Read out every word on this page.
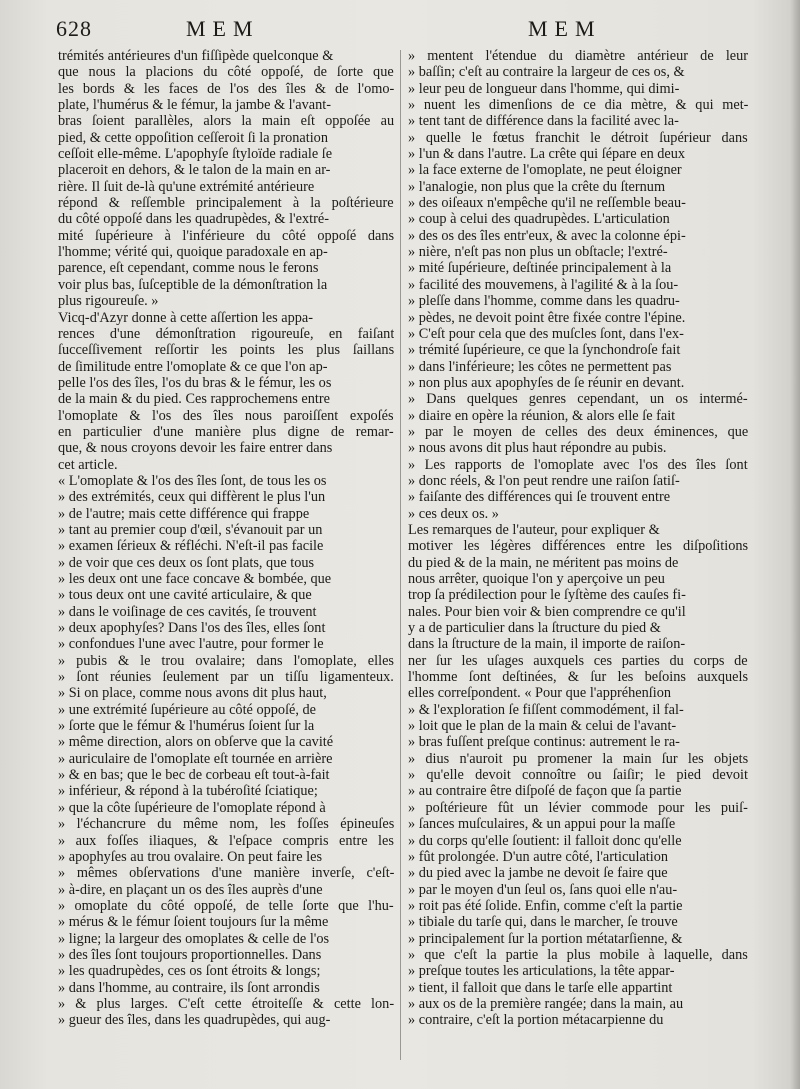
628	MEM	MEM
trémités antérieures d'un fiſſipède quelconque &
que nous la placions du côté oppoſé, de ſorte que
les bords & les faces de l'os des îles & de l'omo-
plate, l'humérus & le fémur, la jambe & l'avant-
bras ſoient parallèles, alors la main eſt oppoſée au
pied, & cette oppoſition ceſſeroit ſi la pronation
ceſſoit elle-même. L'apophyſe ſtyloïde radiale ſe
placeroit en dehors, & le talon de la main en ar-
rière. Il ſuit de-là qu'une extrémité antérieure
répond & reſſemble principalement à la poſtérieure
du côté oppoſé dans les quadrupèdes, & l'extré-
mité ſupérieure à l'inférieure du côté oppoſé dans
l'homme; vérité qui, quoique paradoxale en ap-
parence, eſt cependant, comme nous le ferons
voir plus bas, ſuſceptible de la démonſtration la
plus rigoureuſe. »
Vicq-d'Azyr donne à cette aſſertion les appa-
rences d'une démonſtration rigoureuſe, en faiſant
ſucceſſivement reſſortir les points les plus ſaillans
de ſimilitude entre l'omoplate & ce que l'on ap-
pelle l'os des îles, l'os du bras & le fémur, les os
de la main & du pied. Ces rapprochemens entre
l'omoplate & l'os des îles nous paroiſſent expoſés
en particulier d'une manière plus digne de remar-
que, & nous croyons devoir les faire entrer dans
cet article.
« L'omoplate & l'os des îles ſont, de tous les os
» des extrémités, ceux qui diffèrent le plus l'un
» de l'autre; mais cette différence qui frappe
» tant au premier coup d'œil, s'évanouit par un
» examen ſérieux & réfléchi. N'eſt-il pas facile
» de voir que ces deux os ſont plats, que tous
» les deux ont une face concave & bombée, que
» tous deux ont une cavité articulaire, & que
» dans le voiſinage de ces cavités, ſe trouvent
» deux apophyſes? Dans l'os des îles, elles ſont
» confondues l'une avec l'autre, pour former le
» pubis & le trou ovalaire; dans l'omoplate, elles
» ſont réunies ſeulement par un tiſſu ligamenteux.
» Si on place, comme nous avons dit plus haut,
» une extrémité ſupérieure au côté oppoſé, de
» ſorte que le fémur & l'humérus ſoient ſur la
» même direction, alors on obſerve que la cavité
» auriculaire de l'omoplate eſt tournée en arrière
» & en bas; que le bec de corbeau eſt tout-à-fait
» inférieur, & répond à la tubéroſité ſciatique;
» que la côte ſupérieure de l'omoplate répond à
» l'échancrure du même nom, les foſſes épineuſes
» aux foſſes iliaques, & l'eſpace compris entre les
» apophyſes au trou ovalaire. On peut faire les
» mêmes obſervations d'une manière inverſe, c'eſt-
» à-dire, en plaçant un os des îles auprès d'une
» omoplate du côté oppoſé, de telle ſorte que l'hu-
» mérus & le fémur ſoient toujours ſur la même
» ligne; la largeur des omoplates & celle de l'os
» des îles ſont toujours proportionnelles. Dans
» les quadrupèdes, ces os ſont étroits & longs;
» dans l'homme, au contraire, ils ſont arrondis
» & plus larges. C'eſt cette étroiteſſe & cette lon-
» gueur des îles, dans les quadrupèdes, qui aug-
» mentent l'étendue du diamètre antérieur de leur
» baſſin; c'eſt au contraire la largeur de ces os, &
» leur peu de longueur dans l'homme, qui dimi-
» nuent les dimenſions de ce dia mètre, & qui met-
» tent tant de différence dans la facilité avec la-
» quelle le fœtus franchit le détroit ſupérieur dans
» l'un & dans l'autre. La crête qui ſépare en deux
» la face externe de l'omoplate, ne peut éloigner
» l'analogie, non plus que la crête du ſternum
» des oiſeaux n'empêche qu'il ne reſſemble beau-
» coup à celui des quadrupèdes. L'articulation
» des os des îles entr'eux, & avec la colonne épi-
» nière, n'eſt pas non plus un obſtacle; l'extré-
» mité ſupérieure, deſtinée principalement à la
» facilité des mouvemens, à l'agilité & à la ſou-
» pleſſe dans l'homme, comme dans les quadru-
» pèdes, ne devoit point être fixée contre l'épine.
» C'eſt pour cela que des muſcles ſont, dans l'ex-
» trémité ſupérieure, ce que la ſynchondroſe fait
» dans l'inférieure; les côtes ne permettent pas
» non plus aux apophyſes de ſe réunir en devant.
» Dans quelques genres cependant, un os intermé-
» diaire en opère la réunion, & alors elle ſe fait
» par le moyen de celles des deux éminences, que
» nous avons dit plus haut répondre au pubis.
» Les rapports de l'omoplate avec l'os des îles ſont
» donc réels, & l'on peut rendre une raiſon ſatiſ-
» faiſante des différences qui ſe trouvent entre
» ces deux os. »
Les remarques de l'auteur, pour expliquer &
motiver les légères différences entre les diſpoſitions
du pied & de la main, ne méritent pas moins de
nous arrêter, quoique l'on y aperçoive un peu
trop ſa prédilection pour le ſyſtème des cauſes fi-
nales. Pour bien voir & bien comprendre ce qu'il
y a de particulier dans la ſtructure du pied &
dans la ſtructure de la main, il importe de raiſon-
ner ſur les uſages auxquels ces parties du corps de
l'homme ſont deſtinées, & ſur les beſoins auxquels
elles correſpondent. « Pour que l'appréhenſion
» & l'exploration ſe fiſſent commodément, il fal-
» loit que le plan de la main & celui de l'avant-
» bras fuſſent preſque continus: autrement le ra-
» dius n'auroit pu promener la main ſur les objets
» qu'elle devoit connoître ou ſaiſir; le pied devoit
» au contraire être diſpoſé de façon que ſa partie
» poſtérieure fût un lévier commode pour les puiſ-
» ſances muſculaires, & un appui pour la maſſe
» du corps qu'elle ſoutient: il falloit donc qu'elle
» fût prolongée. D'un autre côté, l'articulation
» du pied avec la jambe ne devoit ſe faire que
» par le moyen d'un ſeul os, ſans quoi elle n'au-
» roit pas été ſolide. Enfin, comme c'eſt la partie
» tibiale du tarſe qui, dans le marcher, ſe trouve
» principalement ſur la portion métatarſienne, &
» que c'eſt la partie la plus mobile à laquelle, dans
» preſque toutes les articulations, la tête appar-
» tient, il falloit que dans le tarſe elle appartint
» aux os de la première rangée; dans la main, au
» contraire, c'eſt la portion métacarpienne du
